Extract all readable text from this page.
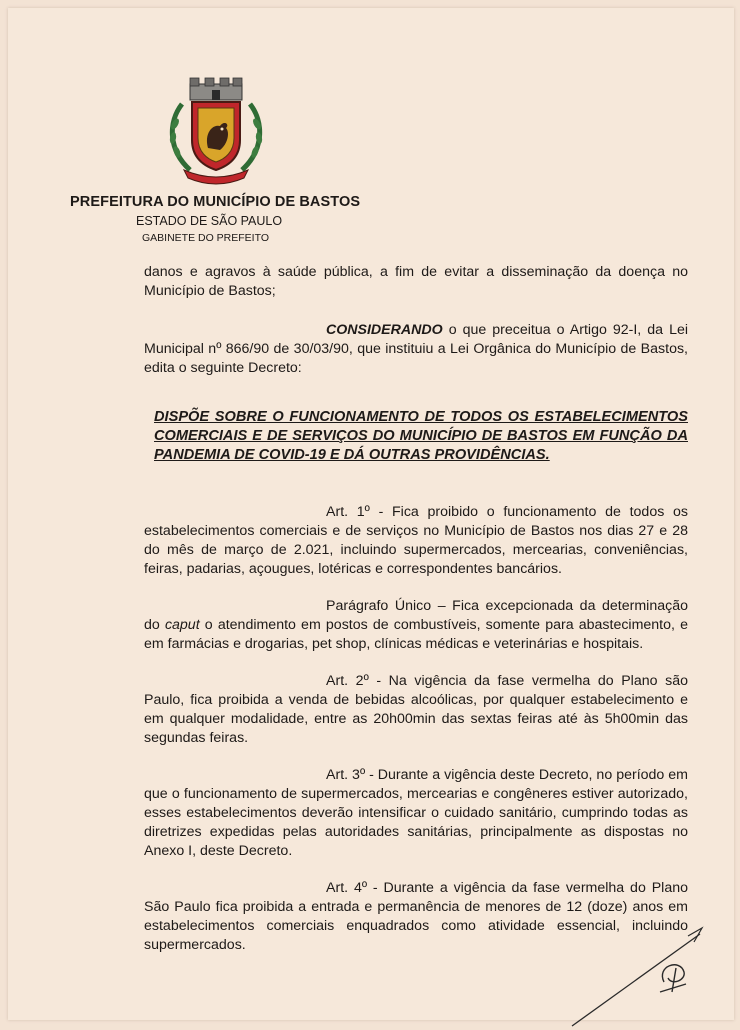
PREFEITURA DO MUNICÍPIO DE BASTOS
ESTADO DE SÃO PAULO
GABINETE DO PREFEITO

danos e agravos à saúde pública, a fim de evitar a disseminação da doença no Município de Bastos;

CONSIDERANDO o que preceitua o Artigo 92-I, da Lei Municipal nº 866/90 de 30/03/90, que instituiu a Lei Orgânica do Município de Bastos, edita o seguinte Decreto:

DISPÕE SOBRE O FUNCIONAMENTO DE TODOS OS ESTABELECIMENTOS COMERCIAIS E DE SERVIÇOS DO MUNICÍPIO DE BASTOS EM FUNÇÃO DA PANDEMIA DE COVID-19 E DÁ OUTRAS PROVIDÊNCIAS.

Art. 1º - Fica proibido o funcionamento de todos os estabelecimentos comerciais e de serviços no Município de Bastos nos dias 27 e 28 do mês de março de 2.021, incluindo supermercados, mercearias, conveniências, feiras, padarias, açougues, lotéricas e correspondentes bancários.

Parágrafo Único – Fica excepcionada da determinação do caput o atendimento em postos de combustíveis, somente para abastecimento, e em farmácias e drogarias, pet shop, clínicas médicas e veterinárias e hospitais.

Art. 2º - Na vigência da fase vermelha do Plano são Paulo, fica proibida a venda de bebidas alcoólicas, por qualquer estabelecimento e em qualquer modalidade, entre as 20h00min das sextas feiras até às 5h00min das segundas feiras.

Art. 3º - Durante a vigência deste Decreto, no período em que o funcionamento de supermercados, mercearias e congêneres estiver autorizado, esses estabelecimentos deverão intensificar o cuidado sanitário, cumprindo todas as diretrizes expedidas pelas autoridades sanitárias, principalmente as dispostas no Anexo I, deste Decreto.

Art. 4º - Durante a vigência da fase vermelha do Plano São Paulo fica proibida a entrada e permanência de menores de 12 (doze) anos em estabelecimentos comerciais enquadrados como atividade essencial, incluindo supermercados.
